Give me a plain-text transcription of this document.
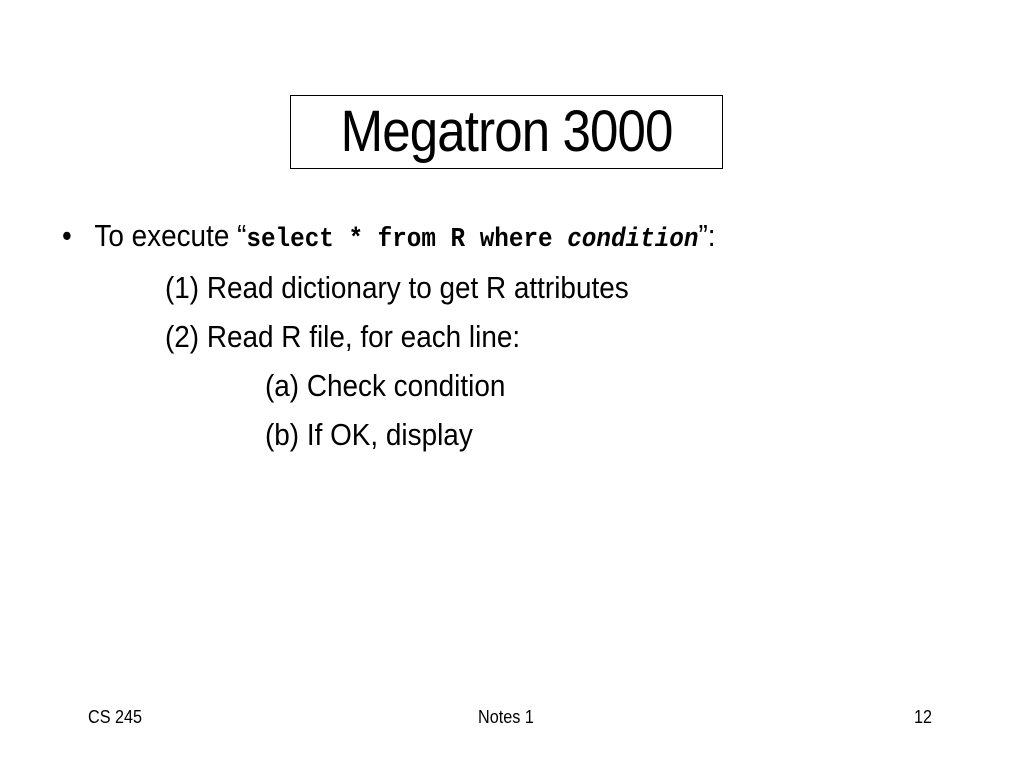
Megatron 3000
• To execute “select * from R where condition”:
(1) Read dictionary to get R attributes
(2) Read R file, for each line:
(a) Check condition
(b) If OK, display
CS 245	Notes 1	12
